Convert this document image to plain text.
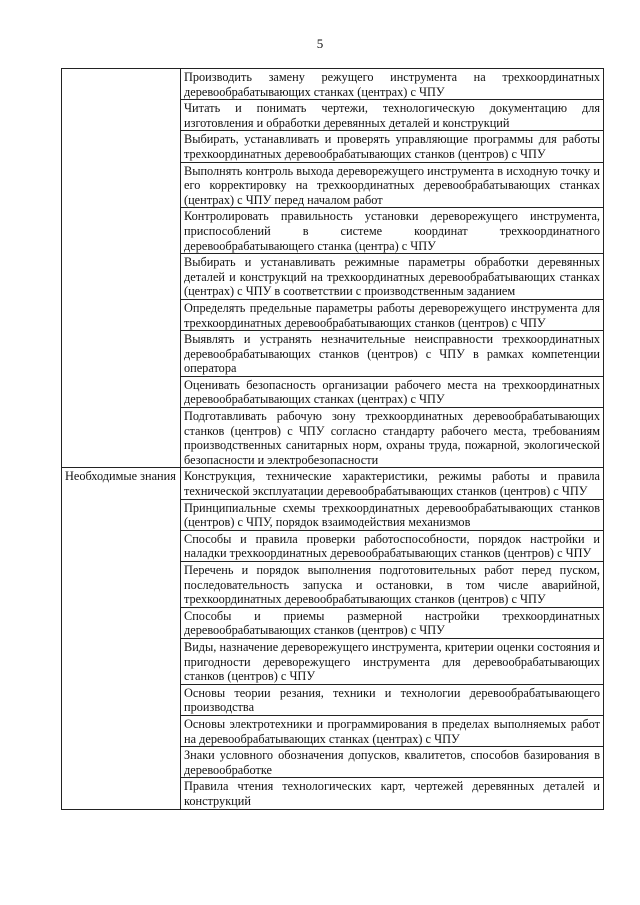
5
	Производить замену режущего инструмента на трехкоординатных деревообрабатывающих станках (центрах) с ЧПУ
	Читать и понимать чертежи, технологическую документацию для изготовления и обработки деревянных деталей и конструкций
	Выбирать, устанавливать и проверять управляющие программы для работы трехкоординатных деревообрабатывающих станков (центров) с ЧПУ
	Выполнять контроль выхода дереворежущего инструмента в исходную точку и его корректировку на трехкоординатных деревообрабатывающих станках (центрах) с ЧПУ перед началом работ
	Контролировать правильность установки дереворежущего инструмента, приспособлений в системе координат трехкоординатного деревообрабатывающего станка (центра) с ЧПУ
	Выбирать и устанавливать режимные параметры обработки деревянных деталей и конструкций на трехкоординатных деревообрабатывающих станках (центрах) с ЧПУ в соответствии с производственным заданием
	Определять предельные параметры работы дереворежущего инструмента для трехкоординатных деревообрабатывающих станков (центров) с ЧПУ
	Выявлять и устранять незначительные неисправности трехкоординатных деревообрабатывающих станков (центров) с ЧПУ в рамках компетенции оператора
	Оценивать безопасность организации рабочего места на трехкоординатных деревообрабатывающих станках (центрах) с ЧПУ
	Подготавливать рабочую зону трехкоординатных деревообрабатывающих станков (центров) с ЧПУ согласно стандарту рабочего места, требованиям производственных санитарных норм, охраны труда, пожарной, экологической безопасности и электробезопасности
Необходимые знания	Конструкция, технические характеристики, режимы работы и правила технической эксплуатации деревообрабатывающих станков (центров) с ЧПУ
	Принципиальные схемы трехкоординатных деревообрабатывающих станков (центров) с ЧПУ, порядок взаимодействия механизмов
	Способы и правила проверки работоспособности, порядок настройки и наладки трехкоординатных деревообрабатывающих станков (центров) с ЧПУ
	Перечень и порядок выполнения подготовительных работ перед пуском, последовательность запуска и остановки, в том числе аварийной, трехкоординатных деревообрабатывающих станков (центров) с ЧПУ
	Способы и приемы размерной настройки трехкоординатных деревообрабатывающих станков (центров) с ЧПУ
	Виды, назначение дереворежущего инструмента, критерии оценки состояния и пригодности дереворежущего инструмента для деревообрабатывающих станков (центров) с ЧПУ
	Основы теории резания, техники и технологии деревообрабатывающего производства
	Основы электротехники и программирования в пределах выполняемых работ на деревообрабатывающих станках (центрах) с ЧПУ
	Знаки условного обозначения допусков, квалитетов, способов базирования в деревообработке
	Правила чтения технологических карт, чертежей деревянных деталей и конструкций
